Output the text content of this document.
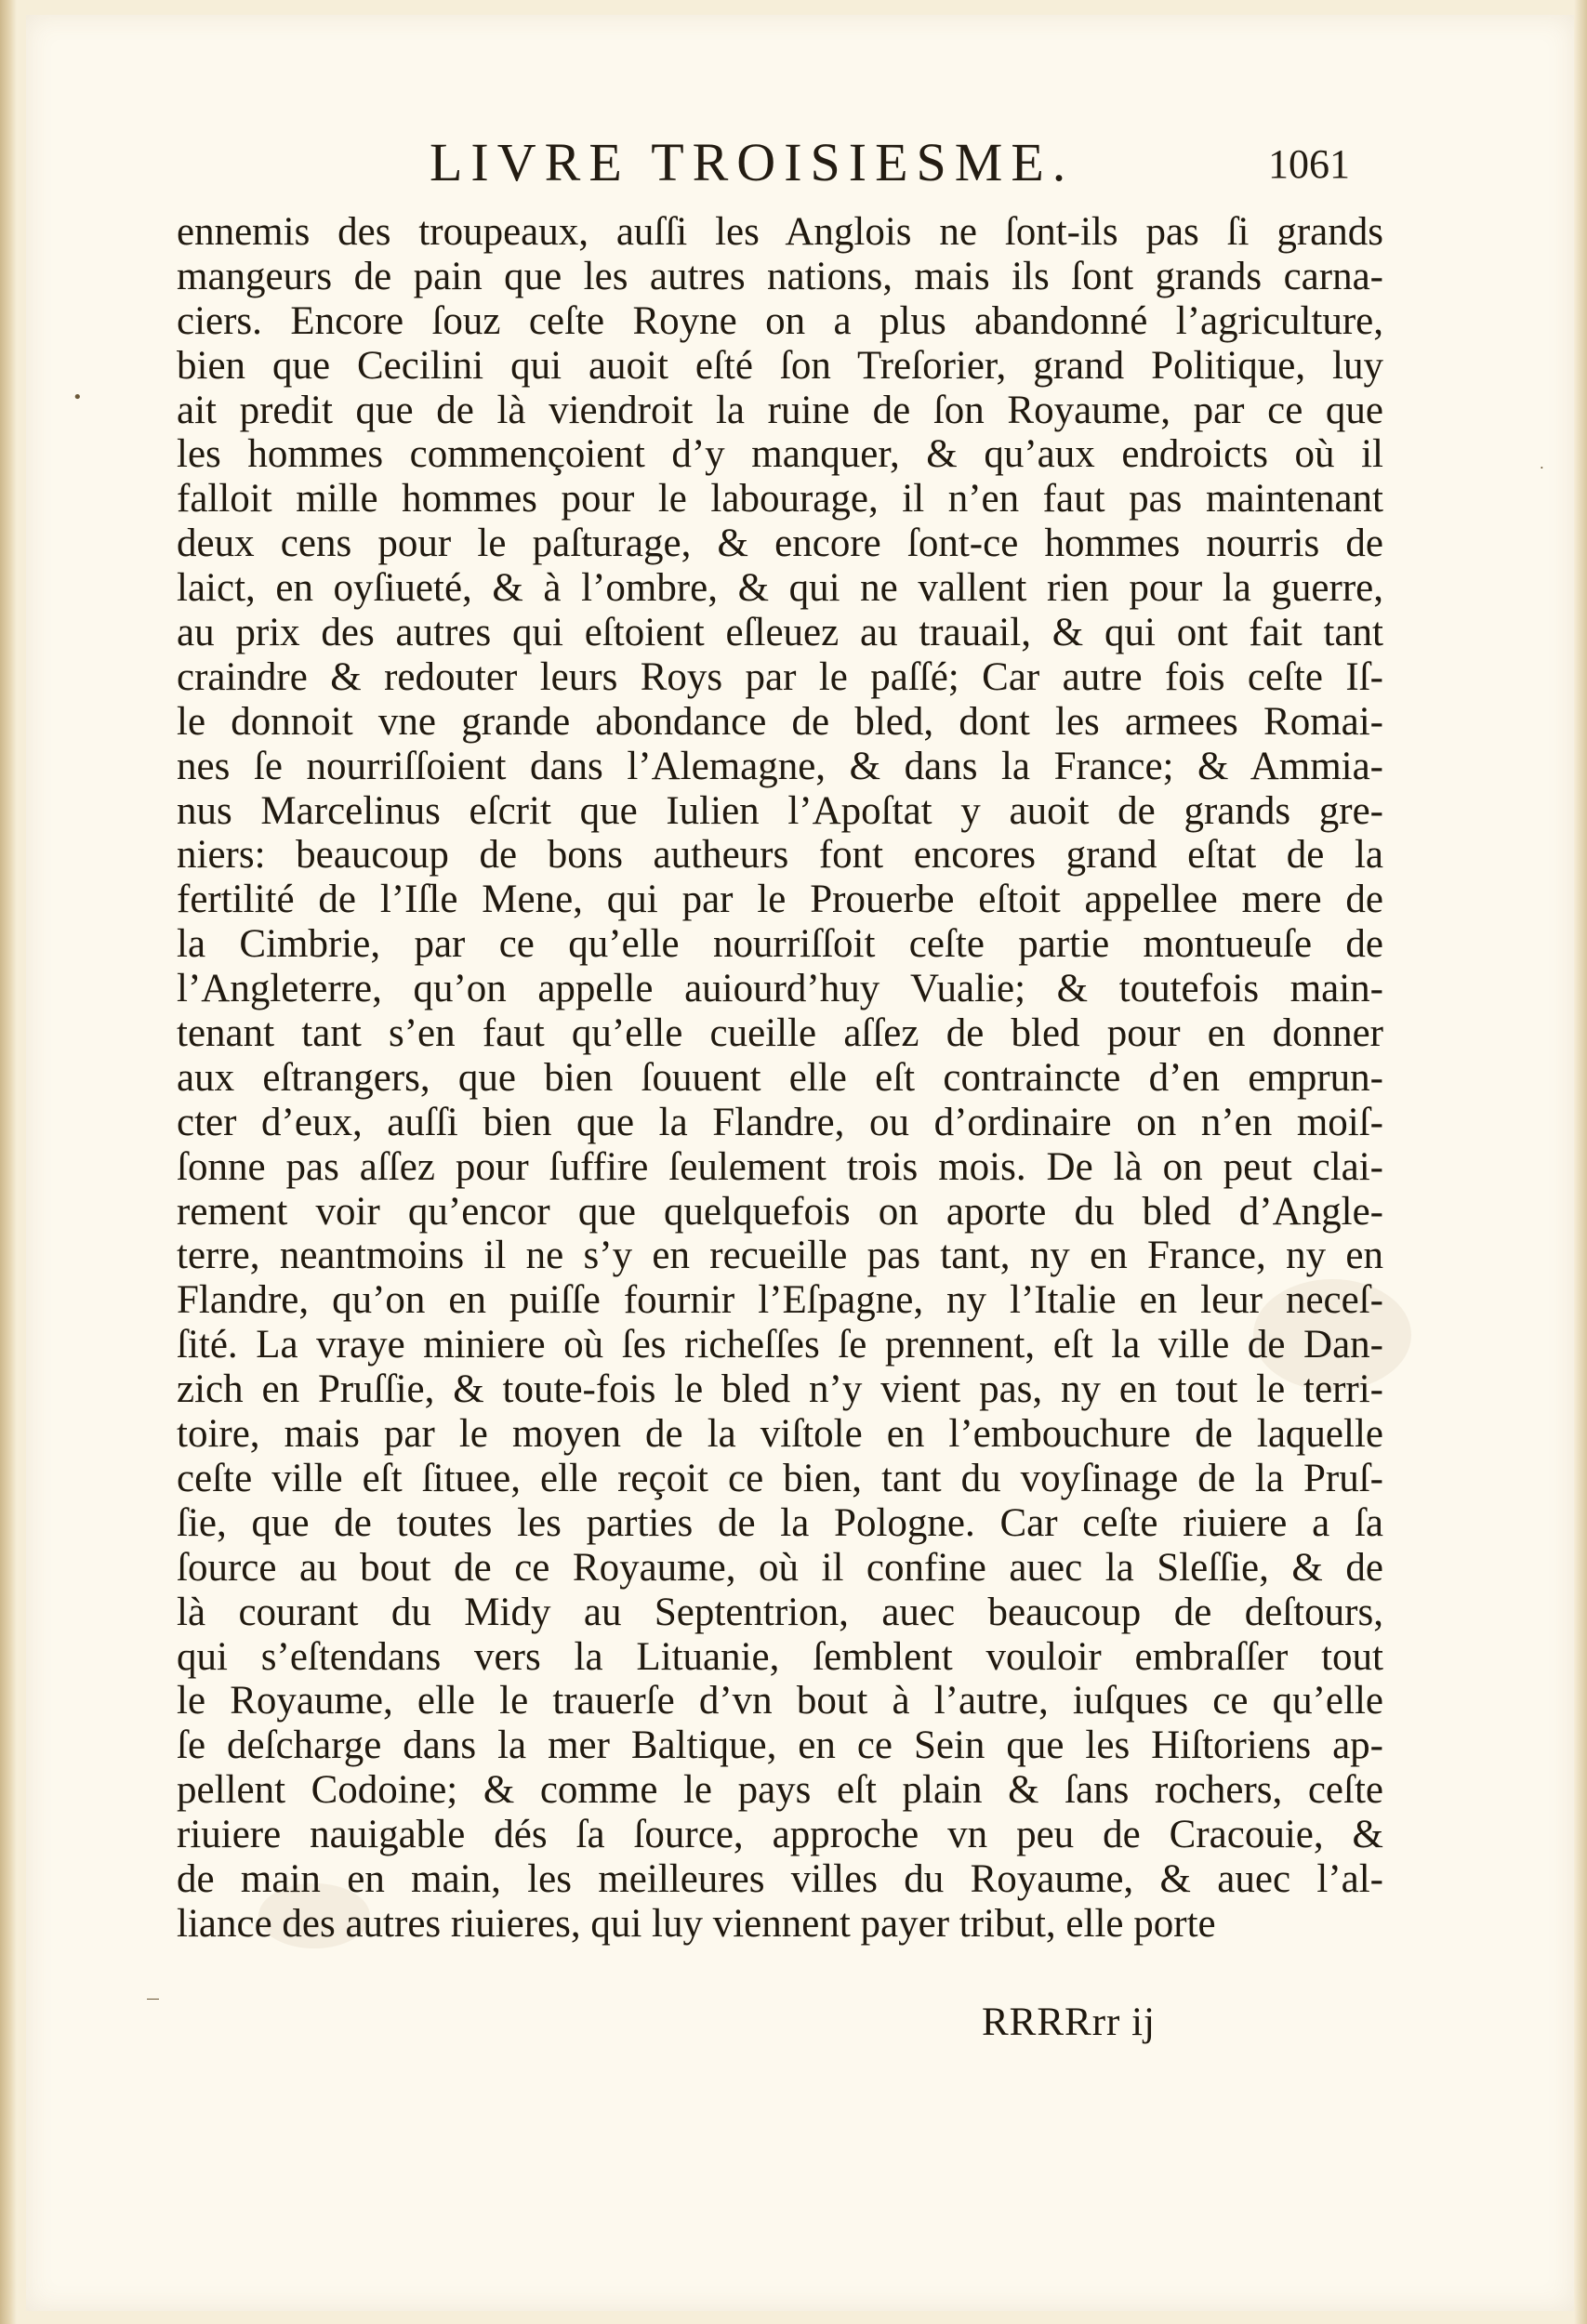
LIVRE TROISIESME.	1061
ennemis des troupeaux, auſſi les Anglois ne ſont-ils pas ſi grands
mangeurs de pain que les autres nations, mais ils ſont grands carna-
ciers. Encore ſouz ceſte Royne on a plus abandonné l’agriculture,
bien que Cecilini qui auoit eſté ſon Treſorier, grand Politique, luy
ait predit que de là viendroit la ruine de ſon Royaume, par ce que
les hommes commençoient d’y manquer, & qu’aux endroicts où il
falloit mille hommes pour le labourage, il n’en faut pas maintenant
deux cens pour le paſturage, & encore ſont-ce hommes nourris de
laict, en oyſiueté, & à l’ombre, & qui ne vallent rien pour la guerre,
au prix des autres qui eſtoient eſleuez au trauail, & qui ont fait tant
craindre & redouter leurs Roys par le paſſé; Car autre fois ceſte Iſ-
le donnoit vne grande abondance de bled, dont les armees Romai-
nes ſe nourriſſoient dans l’Alemagne, & dans la France; & Ammia-
nus Marcelinus eſcrit que Iulien l’Apoſtat y auoit de grands gre-
niers: beaucoup de bons autheurs font encores grand eſtat de la
fertilité de l’Iſle Mene, qui par le Prouerbe eſtoit appellee mere de
la Cimbrie, par ce qu’elle nourriſſoit ceſte partie montueuſe de
l’Angleterre, qu’on appelle auiourd’huy Vualie; & toutefois main-
tenant tant s’en faut qu’elle cueille aſſez de bled pour en donner
aux eſtrangers, que bien ſouuent elle eſt contraincte d’en emprun-
cter d’eux, auſſi bien que la Flandre, ou d’ordinaire on n’en moiſ-
ſonne pas aſſez pour ſuffire ſeulement trois mois. De là on peut clai-
rement voir qu’encor que quelquefois on aporte du bled d’Angle-
terre, neantmoins il ne s’y en recueille pas tant, ny en France, ny en
Flandre, qu’on en puiſſe fournir l’Eſpagne, ny l’Italie en leur neceſ-
ſité. La vraye miniere où ſes richeſſes ſe prennent, eſt la ville de Dan-
zich en Pruſſie, & toute-fois le bled n’y vient pas, ny en tout le terri-
toire, mais par le moyen de la viſtole en l’embouchure de laquelle
ceſte ville eſt ſituee, elle reçoit ce bien, tant du voyſinage de la Pruſ-
ſie, que de toutes les parties de la Pologne. Car ceſte riuiere a ſa
ſource au bout de ce Royaume, où il confine auec la Sleſſie, & de
là courant du Midy au Septentrion, auec beaucoup de deſtours,
qui s’eſtendans vers la Lituanie, ſemblent vouloir embraſſer tout
le Royaume, elle le trauerſe d’vn bout à l’autre, iuſques ce qu’elle
ſe deſcharge dans la mer Baltique, en ce Sein que les Hiſtoriens ap-
pellent Codoine; & comme le pays eſt plain & ſans rochers, ceſte
riuiere nauigable dés ſa ſource, approche vn peu de Cracouie, &
de main en main, les meilleures villes du Royaume, & auec l’al-
liance des autres riuieres, qui luy viennent payer tribut, elle porte
RRRRrr ij
•
·
_
